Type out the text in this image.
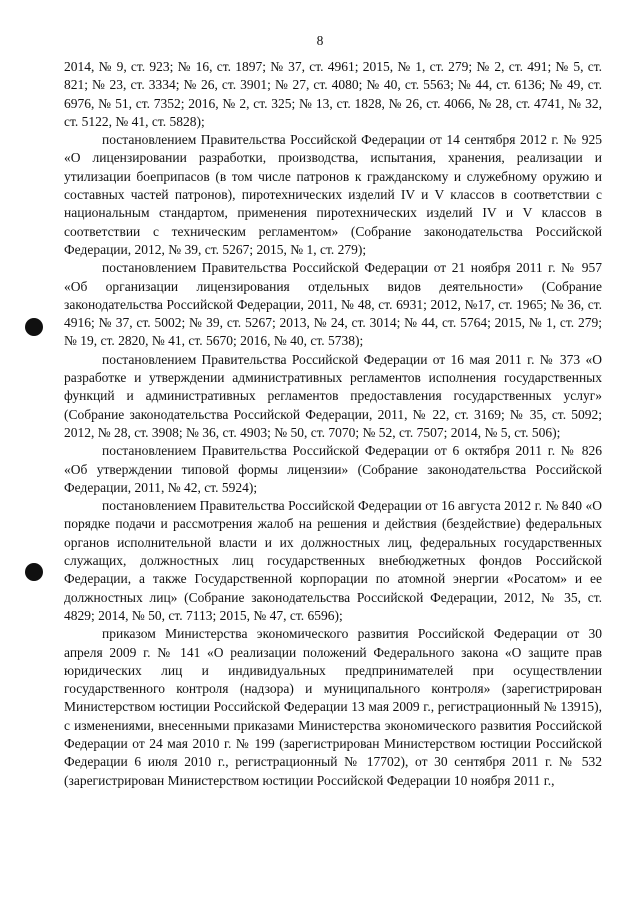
8

2014, № 9, ст. 923; № 16, ст. 1897; № 37, ст. 4961; 2015, № 1, ст. 279; № 2, ст. 491; № 5, ст. 821; № 23, ст. 3334; № 26, ст. 3901; № 27, ст. 4080; № 40, ст. 5563; № 44, ст. 6136; № 49, ст. 6976, № 51, ст. 7352; 2016, № 2, ст. 325; № 13, ст. 1828, № 26, ст. 4066, № 28, ст. 4741, № 32, ст. 5122, № 41, ст. 5828);

постановлением Правительства Российской Федерации от 14 сентября 2012 г. № 925 «О лицензировании разработки, производства, испытания, хранения, реализации и утилизации боеприпасов (в том числе патронов к гражданскому и служебному оружию и составных частей патронов), пиротехнических изделий IV и V классов в соответствии с национальным стандартом, применения пиротехнических изделий IV и V классов в соответствии с техническим регламентом» (Собрание законодательства Российской Федерации, 2012, № 39, ст. 5267; 2015, № 1, ст. 279);

постановлением Правительства Российской Федерации от 21 ноября 2011 г. № 957 «Об организации лицензирования отдельных видов деятельности» (Собрание законодательства Российской Федерации, 2011, № 48, ст. 6931; 2012, №17, ст. 1965; № 36, ст. 4916; № 37, ст. 5002; № 39, ст. 5267; 2013, № 24, ст. 3014; № 44, ст. 5764; 2015, № 1, ст. 279; № 19, ст. 2820, № 41, ст. 5670; 2016, № 40, ст. 5738);

постановлением Правительства Российской Федерации от 16 мая 2011 г. № 373 «О разработке и утверждении административных регламентов исполнения государственных функций и административных регламентов предоставления государственных услуг» (Собрание законодательства Российской Федерации, 2011, № 22, ст. 3169; № 35, ст. 5092; 2012, № 28, ст. 3908; № 36, ст. 4903; № 50, ст. 7070; № 52, ст. 7507; 2014, № 5, ст. 506);

постановлением Правительства Российской Федерации от 6 октября 2011 г. № 826 «Об утверждении типовой формы лицензии» (Собрание законодательства Российской Федерации, 2011, № 42, ст. 5924);

постановлением Правительства Российской Федерации от 16 августа 2012 г. № 840 «О порядке подачи и рассмотрения жалоб на решения и действия (бездействие) федеральных органов исполнительной власти и их должностных лиц, федеральных государственных служащих, должностных лиц государственных внебюджетных фондов Российской Федерации, а также Государственной корпорации по атомной энергии «Росатом» и ее должностных лиц» (Собрание законодательства Российской Федерации, 2012, № 35, ст. 4829; 2014, № 50, ст. 7113; 2015, № 47, ст. 6596);

приказом Министерства экономического развития Российской Федерации от 30 апреля 2009 г. № 141 «О реализации положений Федерального закона «О защите прав юридических лиц и индивидуальных предпринимателей при осуществлении государственного контроля (надзора) и муниципального контроля» (зарегистрирован Министерством юстиции Российской Федерации 13 мая 2009 г., регистрационный № 13915), с изменениями, внесенными приказами Министерства экономического развития Российской Федерации от 24 мая 2010 г. № 199 (зарегистрирован Министерством юстиции Российской Федерации 6 июля 2010 г., регистрационный № 17702), от 30 сентября 2011 г. № 532 (зарегистрирован Министерством юстиции Российской Федерации 10 ноября 2011 г.,
